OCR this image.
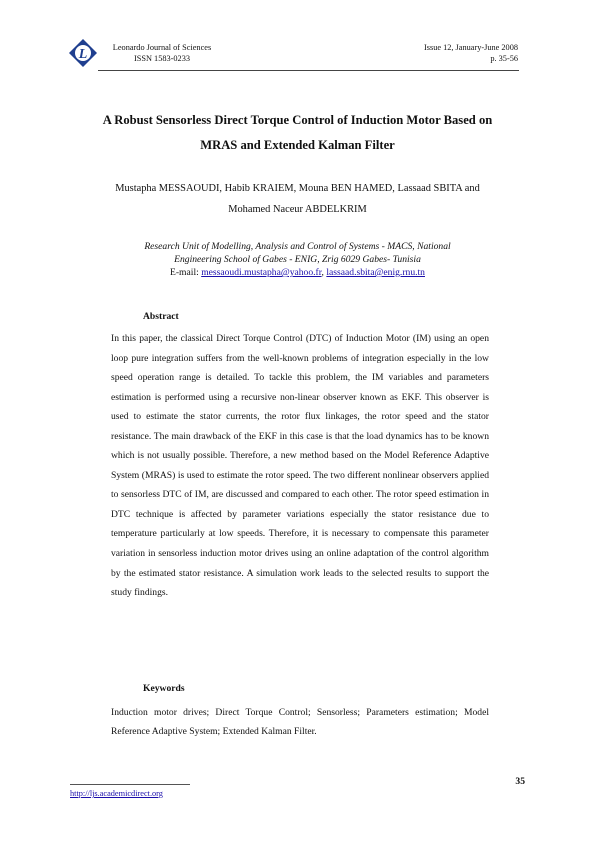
L	Leonardo Journal of Sciences
ISSN 1583-0233
Issue 12, January-June 2008
p. 35-56
A Robust Sensorless Direct Torque Control of Induction Motor Based on
MRAS and Extended Kalman Filter
Mustapha MESSAOUDI, Habib KRAIEM, Mouna BEN HAMED, Lassaad SBITA and
Mohamed Naceur ABDELKRIM
Research Unit of Modelling, Analysis and Control of Systems - MACS, National
Engineering School of Gabes - ENIG, Zrig 6029 Gabes- Tunisia
E-mail: messaoudi.mustapha@yahoo.fr, lassaad.sbita@enig.rnu.tn
Abstract
In this paper, the classical Direct Torque Control (DTC) of Induction Motor (IM) using an open loop pure integration suffers from the well-known problems of integration especially in the low speed operation range is detailed. To tackle this problem, the IM variables and parameters estimation is performed using a recursive non-linear observer known as EKF. This observer is used to estimate the stator currents, the rotor flux linkages, the rotor speed and the stator resistance. The main drawback of the EKF in this case is that the load dynamics has to be known which is not usually possible. Therefore, a new method based on the Model Reference Adaptive System (MRAS) is used to estimate the rotor speed. The two different nonlinear observers applied to sensorless DTC of IM, are discussed and compared to each other. The rotor speed estimation in DTC technique is affected by parameter variations especially the stator resistance due to temperature particularly at low speeds. Therefore, it is necessary to compensate this parameter variation in sensorless induction motor drives using an online adaptation of the control algorithm by the estimated stator resistance. A simulation work leads to the selected results to support the study findings.
Keywords
Induction motor drives; Direct Torque Control; Sensorless; Parameters estimation; Model Reference Adaptive System; Extended Kalman Filter.
35
http://ljs.academicdirect.org
